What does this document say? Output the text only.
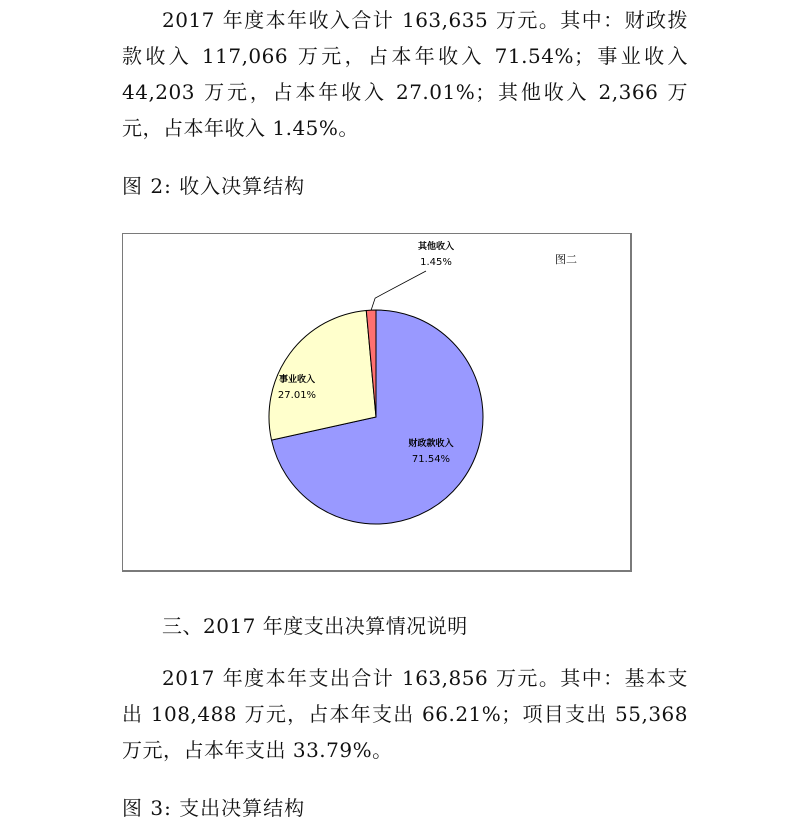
2017 年度本年收入合计 163,635 万元。其中：财政拨款收入 117,066 万元，占本年收入 71.54%；事业收入 44,203 万元，占本年收入 27.01%；其他收入 2,366 万元，占本年收入 1.45%。

图 2: 收入决算结构

图二
财政款收入
71.54%
事业收入
27.01%
其他收入
1.45%
三、2017 年度支出决算情况说明

2017 年度本年支出合计 163,856 万元。其中：基本支出 108,488 万元，占本年支出 66.21%；项目支出 55,368 万元，占本年支出 33.79%。

图 3: 支出决算结构
